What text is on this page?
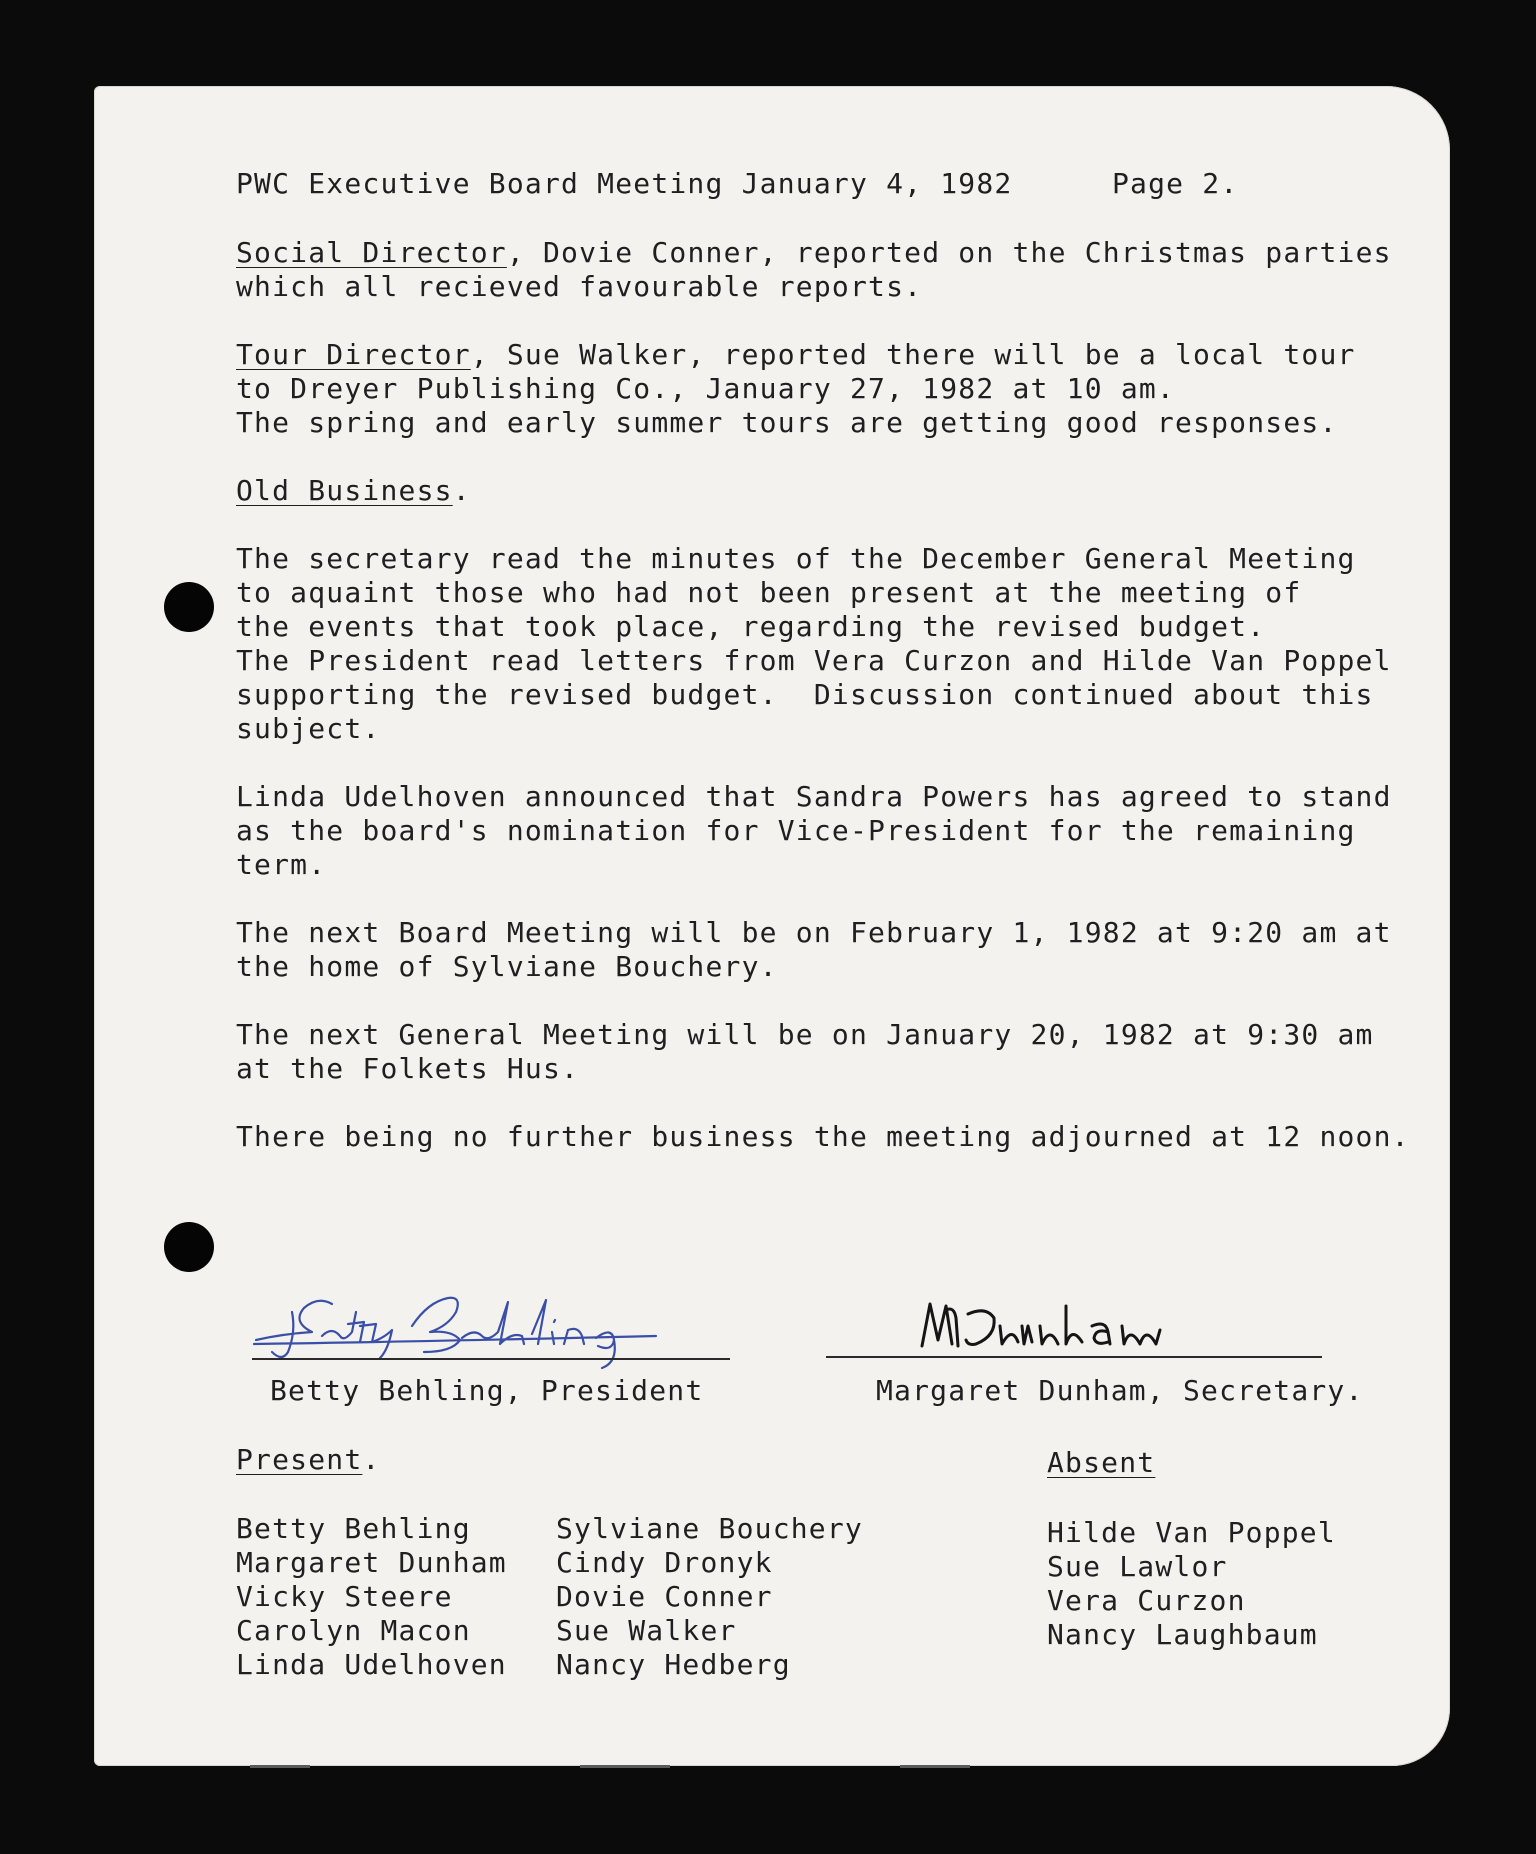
PWC Executive Board Meeting January 4, 1982	Page 2.

Social Director, Dovie Conner, reported on the Christmas parties

which all recieved favourable reports.

Tour Director, Sue Walker, reported there will be a local tour

to Dreyer Publishing Co., January 27, 1982 at 10 am.

The spring and early summer tours are getting good responses.

Old Business.

The secretary read the minutes of the December General Meeting

to aquaint those who had not been present at the meeting of

the events that took place, regarding the revised budget.

The President read letters from Vera Curzon and Hilde Van Poppel

supporting the revised budget.  Discussion continued about this

subject.

Linda Udelhoven announced that Sandra Powers has agreed to stand

as the board's nomination for Vice-President for the remaining

term.

The next Board Meeting will be on February 1, 1982 at 9:20 am at

the home of Sylviane Bouchery.

The next General Meeting will be on January 20, 1982 at 9:30 am

at the Folkets Hus.

There being no further business the meeting adjourned at 12 noon.

Betty Behling, President	Margaret Dunham, Secretary.

Present.

Betty Behling

Margaret Dunham

Vicky Steere

Carolyn Macon

Linda Udelhoven

Sylviane Bouchery

Cindy Dronyk

Dovie Conner

Sue Walker

Nancy Hedberg

Absent

Hilde Van Poppel

Sue Lawlor

Vera Curzon

Nancy Laughbaum
